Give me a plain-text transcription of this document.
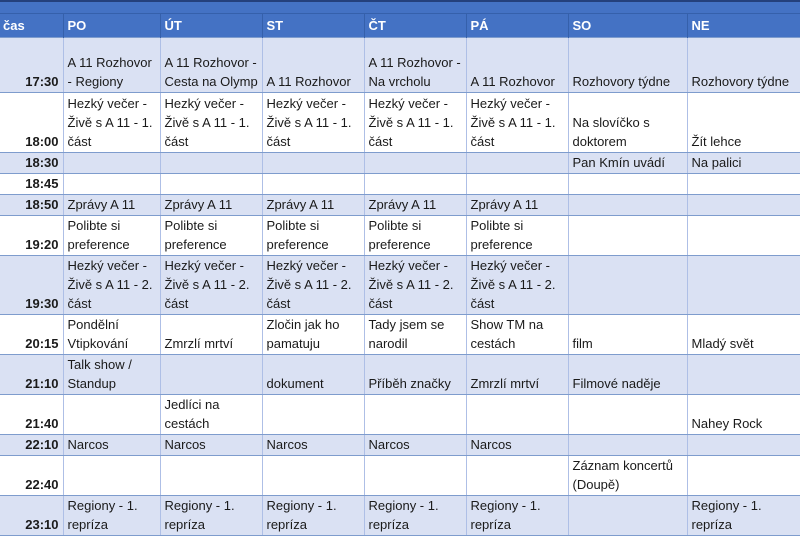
čas	PO	ÚT	ST	ČT	PÁ	SO	NE
17:30	A 11 Rozhovor - Regiony	A 11 Rozhovor - Cesta na Olymp	A 11 Rozhovor	A 11 Rozhovor - Na vrcholu	A 11 Rozhovor	Rozhovory týdne	Rozhovory týdne
18:00	Hezký večer - Živě s A 11 - 1. část	Hezký večer - Živě s A 11 - 1. část	Hezký večer - Živě s A 11 - 1. část	Hezký večer - Živě s A 11 - 1. část	Hezký večer - Živě s A 11 - 1. část	Na slovíčko s doktorem	Žít lehce
18:30						Pan Kmín uvádí	Na palici
18:45							
18:50	Zprávy A 11	Zprávy A 11	Zprávy A 11	Zprávy A 11	Zprávy A 11		
19:20	Polibte si preference	Polibte si preference	Polibte si preference	Polibte si preference	Polibte si preference		
19:30	Hezký večer - Živě s A 11 - 2. část	Hezký večer - Živě s A 11 - 2. část	Hezký večer - Živě s A 11 - 2. část	Hezký večer - Živě s A 11 - 2. část	Hezký večer - Živě s A 11 - 2. část		
20:15	Pondělní Vtipkování	Zmrzlí mrtví	Zločin jak ho pamatuju	Tady jsem se narodil	Show TM na cestách	film	Mladý svět
21:10	Talk show / Standup		dokument	Příběh značky	Zmrzlí mrtví	Filmové naděje	
21:40		Jedlíci na cestách					Nahey Rock
22:10	Narcos	Narcos	Narcos	Narcos	Narcos		
22:40						Záznam koncertů (Doupě)	
23:10	Regiony - 1. repríza	Regiony - 1. repríza	Regiony - 1. repríza	Regiony - 1. repríza	Regiony - 1. repríza		Regiony - 1. repríza
